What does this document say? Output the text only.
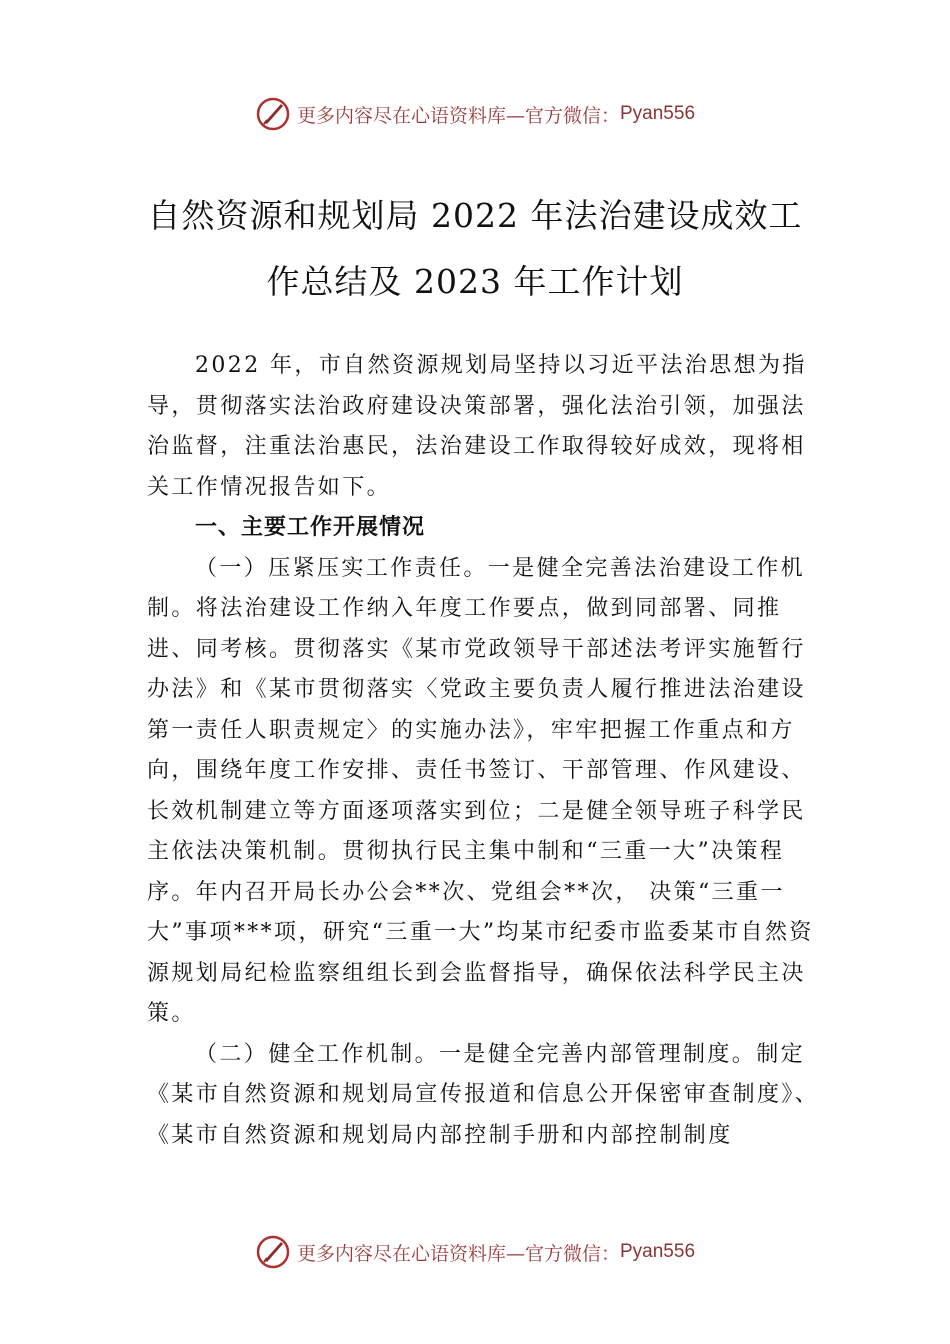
更多内容尽在心语资料库—官方微信： Pyan556
自然资源和规划局 2022 年法治建设成效工
作总结及 2023 年工作计划

2022 年，市自然资源规划局坚持以习近平法治思想为指导，贯彻落实法治政府建设决策部署，强化法治引领，加强法治监督，注重法治惠民，法治建设工作取得较好成效，现将相关工作情况报告如下。

一、主要工作开展情况

（一）压紧压实工作责任。一是健全完善法治建设工作机制。将法治建设工作纳入年度工作要点，做到同部署、同推进、同考核。贯彻落实《某市党政领导干部述法考评实施暂行办法》和《某市贯彻落实〈党政主要负责人履行推进法治建设第一责任人职责规定〉的实施办法》，牢牢把握工作重点和方向，围绕年度工作安排、责任书签订、干部管理、作风建设、长效机制建立等方面逐项落实到位；二是健全领导班子科学民主依法决策机制。贯彻执行民主集中制和“三重一大”决策程序。年内召开局长办公会**次、党组会**次， 决策“三重一大”事项***项，研究“三重一大”均某市纪委市监委某市自然资源规划局纪检监察组组长到会监督指导，确保依法科学民主决策。

（二）健全工作机制。一是健全完善内部管理制度。制定《某市自然资源和规划局宣传报道和信息公开保密审查制度》、《某市自然资源和规划局内部控制手册和内部控制制度

更多内容尽在心语资料库—官方微信： Pyan556
